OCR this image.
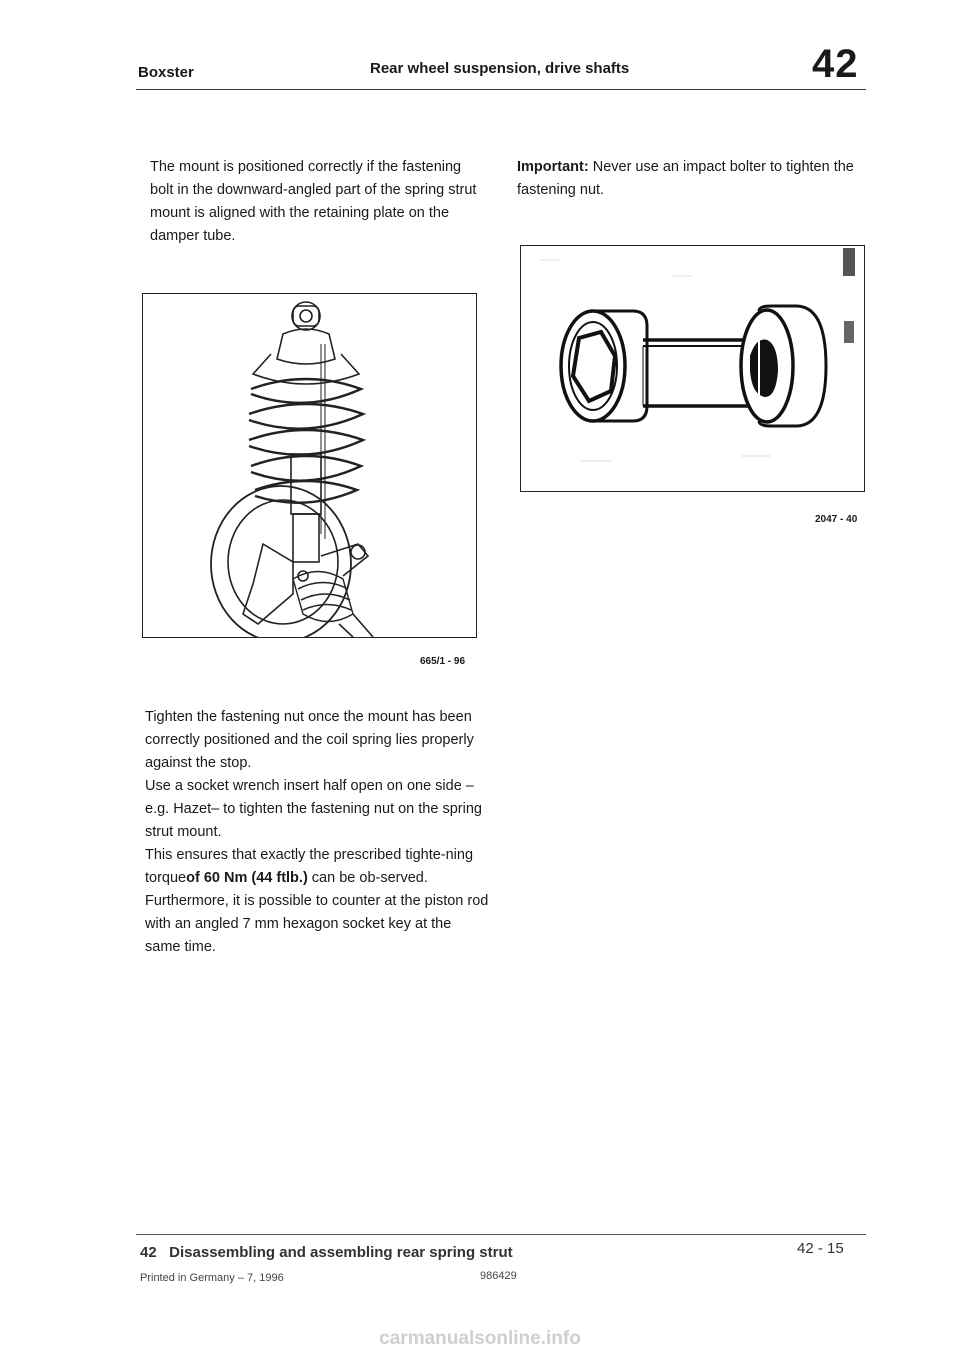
Boxster	Rear wheel suspension, drive shafts	42

The mount is positioned correctly if the fastening bolt in the downward-angled part of the spring strut mount is aligned with the retaining plate on the damper tube.

665/1 - 96

Tighten the fastening nut once the mount has been correctly positioned and the coil spring lies properly against the stop.

Use a socket wrench insert half open on one side –e.g. Hazet– to tighten the fastening nut on the spring strut mount.

This ensures that exactly the prescribed tighte-ning torqueof 60 Nm (44 ftlb.) can be ob-served. Furthermore, it is possible to counter at the piston rod with an angled 7 mm hexagon socket key at the same time.

Important: Never use an impact bolter to tighten the fastening nut.

2047 - 40
42   Disassembling and assembling rear spring strut	42 - 15
Printed in Germany – 7, 1996	986429
carmanualsonline.info
